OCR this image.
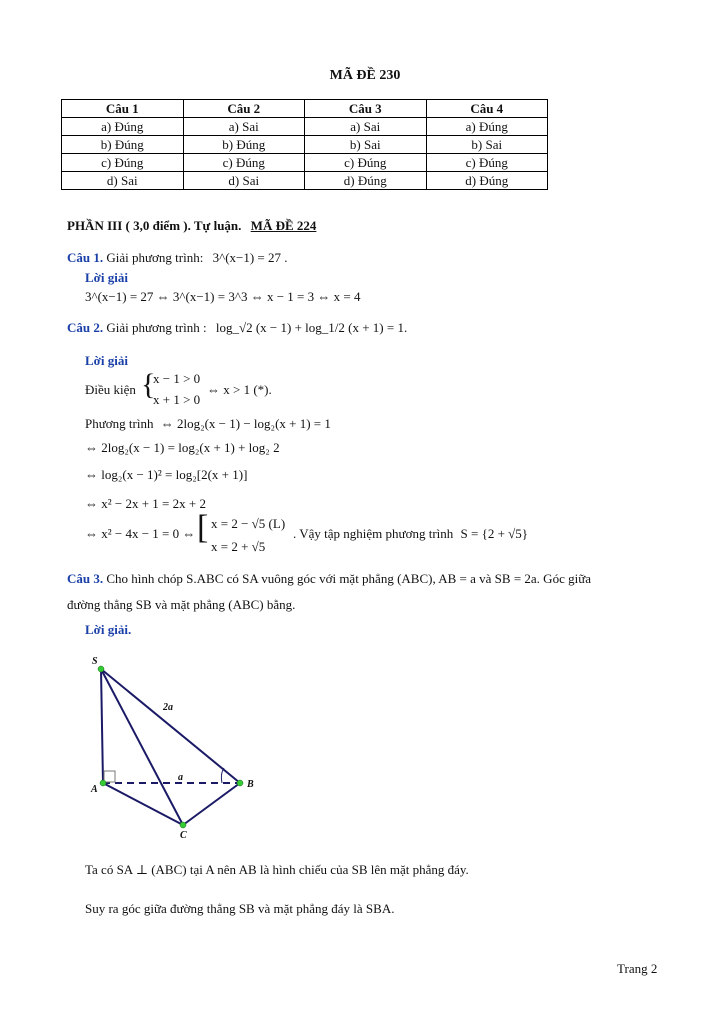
MÃ ĐỀ 230
Câu 1	Câu 2	Câu 3	Câu 4
a) Đúng	a) Sai	a) Sai	a) Đúng
b) Đúng	b) Đúng	b) Sai	b) Sai
c) Đúng	c) Đúng	c) Đúng	c) Đúng
d) Sai	d) Sai	d) Đúng	d) Đúng
PHẦN III ( 3,0 điểm ). Tự luận. MÃ ĐỀ 224
Câu 1. Giải phương trình: 3^(x−1) = 27 .
Lời giải
3^(x−1) = 27 ⇔ 3^(x−1) = 3^3 ⇔ x − 1 = 3 ⇔ x = 4
Câu 2. Giải phương trình : log_√2 (x − 1) + log_1/2 (x + 1) = 1.
Lời giải
Điều kiện {
x − 1 > 0
x + 1 > 0
⇔ x > 1 (*).
Phương trình ⇔ 2log₂(x − 1) − log₂(x + 1) = 1
⇔ 2log₂(x − 1) = log₂(x + 1) + log₂ 2
⇔ log₂(x − 1)² = log₂[2(x + 1)]
⇔ x² − 2x + 1 = 2x + 2
⇔ x² − 4x − 1 = 0 ⇔ [ x = 2 − √5 (L)
x = 2 + √5
. Vậy tập nghiệm phương trình S = {2 + √5}
Câu 3. Cho hình chóp S.ABC có SA vuông góc với mặt phẳng (ABC), AB = a và SB = 2a. Góc giữa
đường thẳng SB và mặt phẳng (ABC) bằng.
Lời giải.
S
A	B
C
2a
a
Ta có SA ⊥ (ABC) tại A nên AB là hình chiếu của SB lên mặt phẳng đáy.
Suy ra góc giữa đường thẳng SB và mặt phẳng đáy là SBA.
Trang 2
